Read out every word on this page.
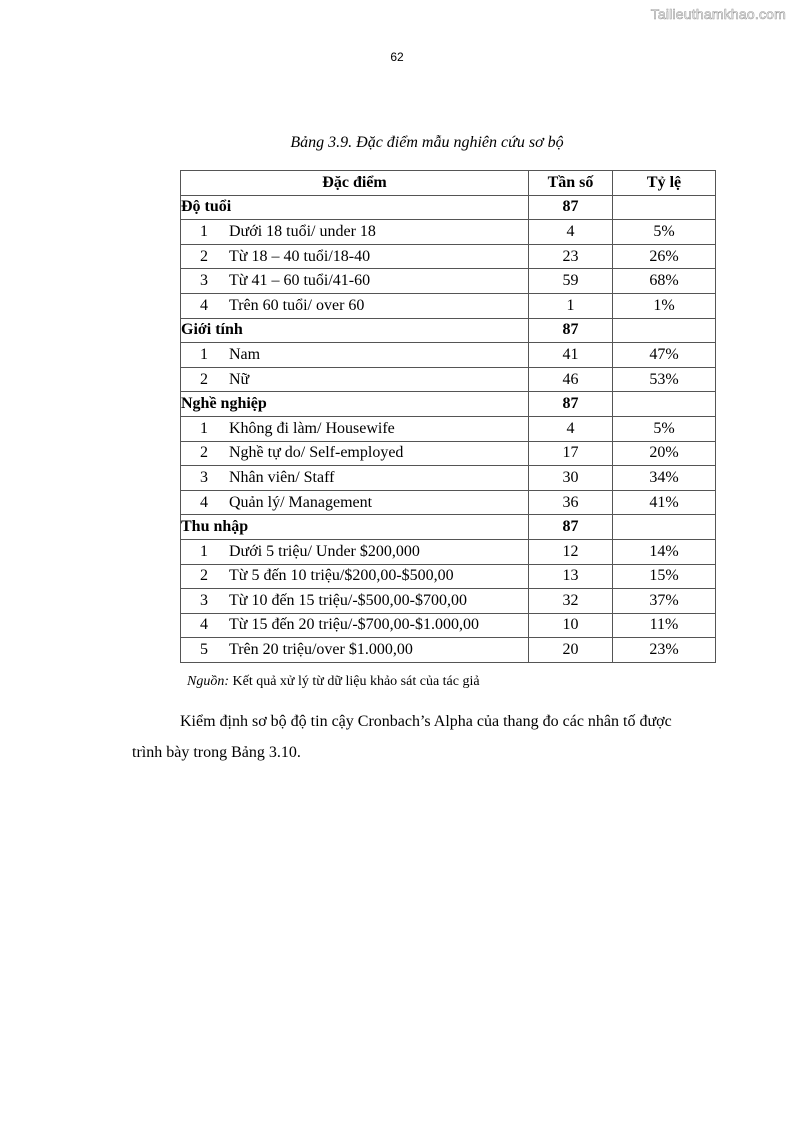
Tailieuthamkhao.com
62
Bảng 3.9. Đặc điểm mẫu nghiên cứu sơ bộ
Đặc điểm	Tần số	Tỷ lệ
Độ tuổi	87	
1 Dưới 18 tuổi/ under 18	4	5%
2 Từ 18 – 40 tuổi/18-40	23	26%
3 Từ 41 – 60 tuổi/41-60	59	68%
4 Trên 60 tuổi/ over 60	1	1%
Giới tính	87	
1 Nam	41	47%
2 Nữ	46	53%
Nghề nghiệp	87	
1 Không đi làm/ Housewife	4	5%
2 Nghề tự do/ Self-employed	17	20%
3 Nhân viên/ Staff	30	34%
4 Quản lý/ Management	36	41%
Thu nhập	87	
1 Dưới 5 triệu/ Under $200,000	12	14%
2 Từ 5 đến 10 triệu/$200,00-$500,00	13	15%
3 Từ 10 đến 15 triệu/-$500,00-$700,00	32	37%
4 Từ 15 đến 20 triệu/-$700,00-$1.000,00	10	11%
5 Trên 20 triệu/over $1.000,00	20	23%
Nguồn: Kết quả xử lý từ dữ liệu khảo sát của tác giả
Kiểm định sơ bộ độ tin cậy Cronbach’s Alpha của thang đo các nhân tố được
trình bày trong Bảng 3.10.
